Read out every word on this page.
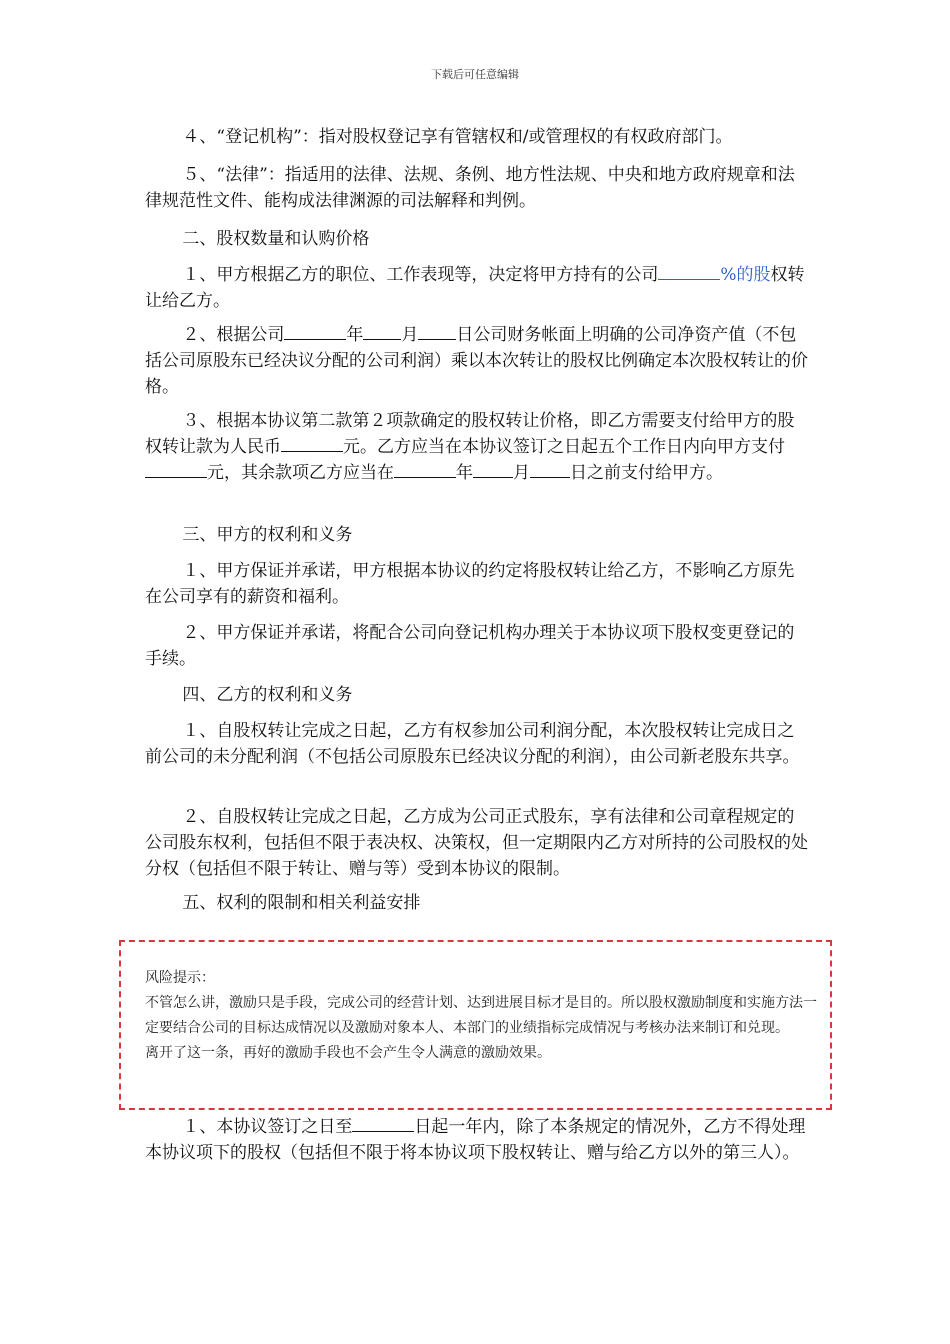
下载后可任意编辑

４、“登记机构”：指对股权登记享有管辖权和/或管理权的有权政府部门。

５、“法律”：指适用的法律、法规、条例、地方性法规、中央和地方政府规章和法律规范性文件、能构成法律渊源的司法解释和判例。

二、股权数量和认购价格

１、甲方根据乙方的职位、工作表现等，决定将甲方持有的公司	%的股权转让给乙方。

２、根据公司	年 月 日公司财务帐面上明确的公司净资产值（不包括公司原股东已经决议分配的公司利润）乘以本次转让的股权比例确定本次股权转让的价格。

３、根据本协议第二款第２项款确定的股权转让价格，即乙方需要支付给甲方的股权转让款为人民币	元。乙方应当在本协议签订之日起五个工作日内向甲方支付元，其余款项乙方应当在	年 月 日之前支付给甲方。

三、甲方的权利和义务

１、甲方保证并承诺，甲方根据本协议的约定将股权转让给乙方，不影响乙方原先在公司享有的薪资和福利。

２、甲方保证并承诺，将配合公司向登记机构办理关于本协议项下股权变更登记的手续。

四、乙方的权利和义务

１、自股权转让完成之日起，乙方有权参加公司利润分配，本次股权转让完成日之前公司的未分配利润（不包括公司原股东已经决议分配的利润），由公司新老股东共享。

２、自股权转让完成之日起，乙方成为公司正式股东，享有法律和公司章程规定的公司股东权利，包括但不限于表决权、决策权，但一定期限内乙方对所持的公司股权的处分权（包括但不限于转让、赠与等）受到本协议的限制。

五、权利的限制和相关利益安排

风险提示：
不管怎么讲，激励只是手段，完成公司的经营计划、达到进展目标才是目的。所以股权激励制度和实施方法一定要结合公司的目标达成情况以及激励对象本人、本部门的业绩指标完成情况与考核办法来制订和兑现。
离开了这一条，再好的激励手段也不会产生令人满意的激励效果。

１、本协议签订之日至	日起一年内，除了本条规定的情况外，乙方不得处理本协议项下的股权（包括但不限于将本协议项下股权转让、赠与给乙方以外的第三人）。
